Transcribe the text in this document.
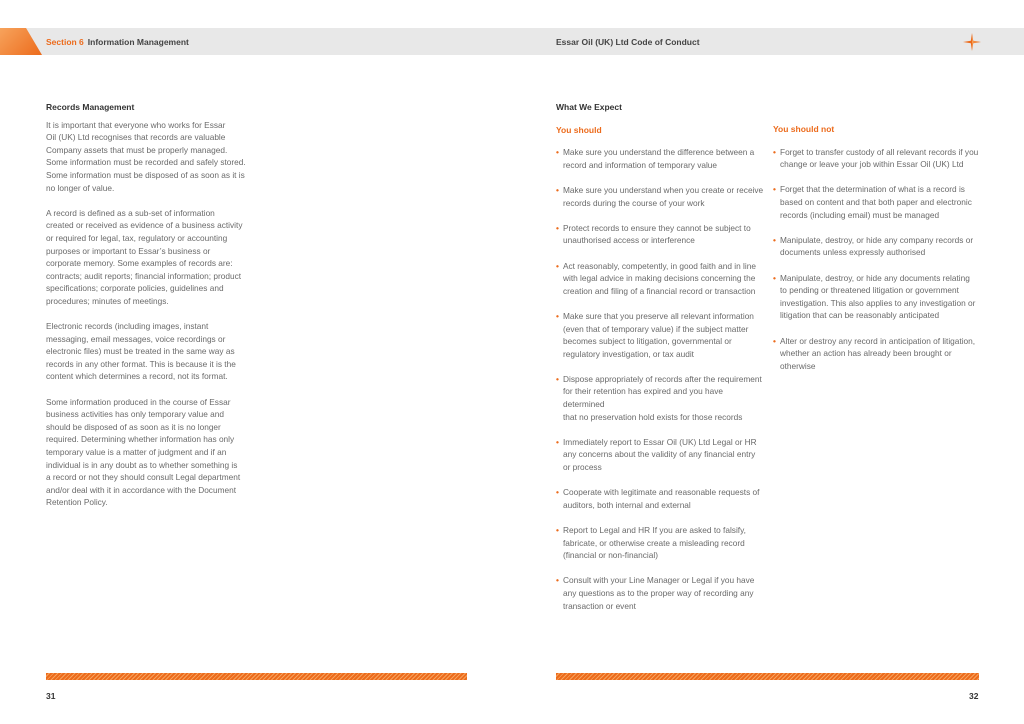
Section 6 Information Management	Essar Oil (UK) Ltd Code of Conduct
Records Management
It is important that everyone who works for Essar
Oil (UK) Ltd recognises that records are valuable
Company assets that must be properly managed.
Some information must be recorded and safely stored.
Some information must be disposed of as soon as it is
no longer of value.
A record is defined as a sub-set of information
created or received as evidence of a business activity
or required for legal, tax, regulatory or accounting
purposes or important to Essar’s business or
corporate memory. Some examples of records are:
contracts; audit reports; financial information; product
specifications; corporate policies, guidelines and
procedures; minutes of meetings.
Electronic records (including images, instant
messaging, email messages, voice recordings or
electronic files) must be treated in the same way as
records in any other format. This is because it is the
content which determines a record, not its format.
Some information produced in the course of Essar
business activities has only temporary value and
should be disposed of as soon as it is no longer
required. Determining whether information has only
temporary value is a matter of judgment and if an
individual is in any doubt as to whether something is
a record or not they should consult Legal department
and/or deal with it in accordance with the Document
Retention Policy.
What We Expect
You should
• Make sure you understand the difference between a
record and information of temporary value
• Make sure you understand when you create or receive
records during the course of your work
• Protect records to ensure they cannot be subject to
unauthorised access or interference
• Act reasonably, competently, in good faith and in line
with legal advice in making decisions concerning the
creation and filing of a financial record or transaction
• Make sure that you preserve all relevant information
(even that of temporary value) if the subject matter
becomes subject to litigation, governmental or
regulatory investigation, or tax audit
• Dispose appropriately of records after the requirement
for their retention has expired and you have determined
that no preservation hold exists for those records
• Immediately report to Essar Oil (UK) Ltd Legal or HR
any concerns about the validity of any financial entry
or process
• Cooperate with legitimate and reasonable requests of
auditors, both internal and external
• Report to Legal and HR If you are asked to falsify,
fabricate, or otherwise create a misleading record
(financial or non-financial)
• Consult with your Line Manager or Legal if you have
any questions as to the proper way of recording any
transaction or event
You should not
• Forget to transfer custody of all relevant records if you
change or leave your job within Essar Oil (UK) Ltd
• Forget that the determination of what is a record is
based on content and that both paper and electronic
records (including email) must be managed
• Manipulate, destroy, or hide any company records or
documents unless expressly authorised
• Manipulate, destroy, or hide any documents relating
to pending or threatened litigation or government
investigation. This also applies to any investigation or
litigation that can be reasonably anticipated
• Alter or destroy any record in anticipation of litigation,
whether an action has already been brought or
otherwise
31	32
